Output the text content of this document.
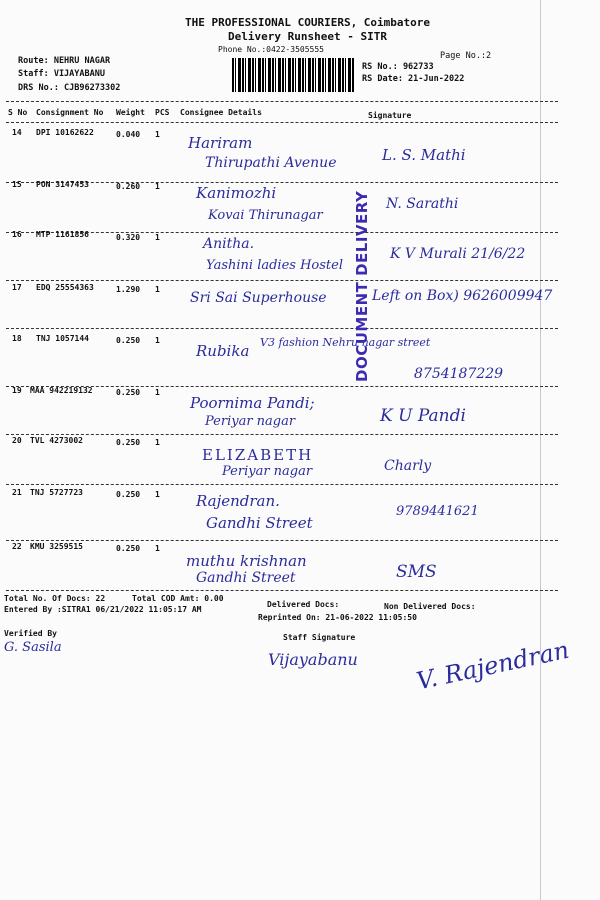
THE PROFESSIONAL COURIERS, Coimbatore
Delivery Runsheet - SITR
Phone No.:0422-3505555
Page No.:2
Route: NEHRU NAGAR
Staff: VIJAYABANU
DRS No.: CJB96273302
RS No.: 962733
RS Date: 21-Jun-2022
S No Consignment No Weight PCS Consignee Details	Signature
14 DPI 10162622	0.040 1 Hariram
Thirupathi Avenue	L. S. Mathi
15 PON 3147453	0.260 1 Kanimozhi
Kovai Thirunagar
N. Sarathi
16 MTP 1161856	0.320 1	Anitha.
Yashini ladies Hostel
K V Murali 21/6/22
17 EDQ 25554363	1.290 1
Sri Sai Superhouse	Left on Box) 9626009947
18 TNJ 1057144	0.250 1
Rubika V3 fashion Nehru nagar street
8754187229
19 MAA 942219132	0.250 1
Poornima Pandi;
Periyar nagar	K U Pandi
20 TVL 4273002	0.250 1
ELIZABETH
Periyar nagar	Charly
21 TNJ 5727723	0.250 1 Rajendran.
Gandhi Street
9789441621
22 KMU 3259515	0.250 1
muthu krishnan
Gandhi Street	SMS
DOCUMENT DELIVERY
Total No. Of Docs: 22	Total COD Amt: 0.00
Delivered Docs:	Non Delivered Docs:
Entered By :SITRA1 06/21/2022 11:05:17 AM
Reprinted On: 21-06-2022 11:05:50
Verified By
G. Sasila
Staff Signature
Vijayabanu V. Rajendran
